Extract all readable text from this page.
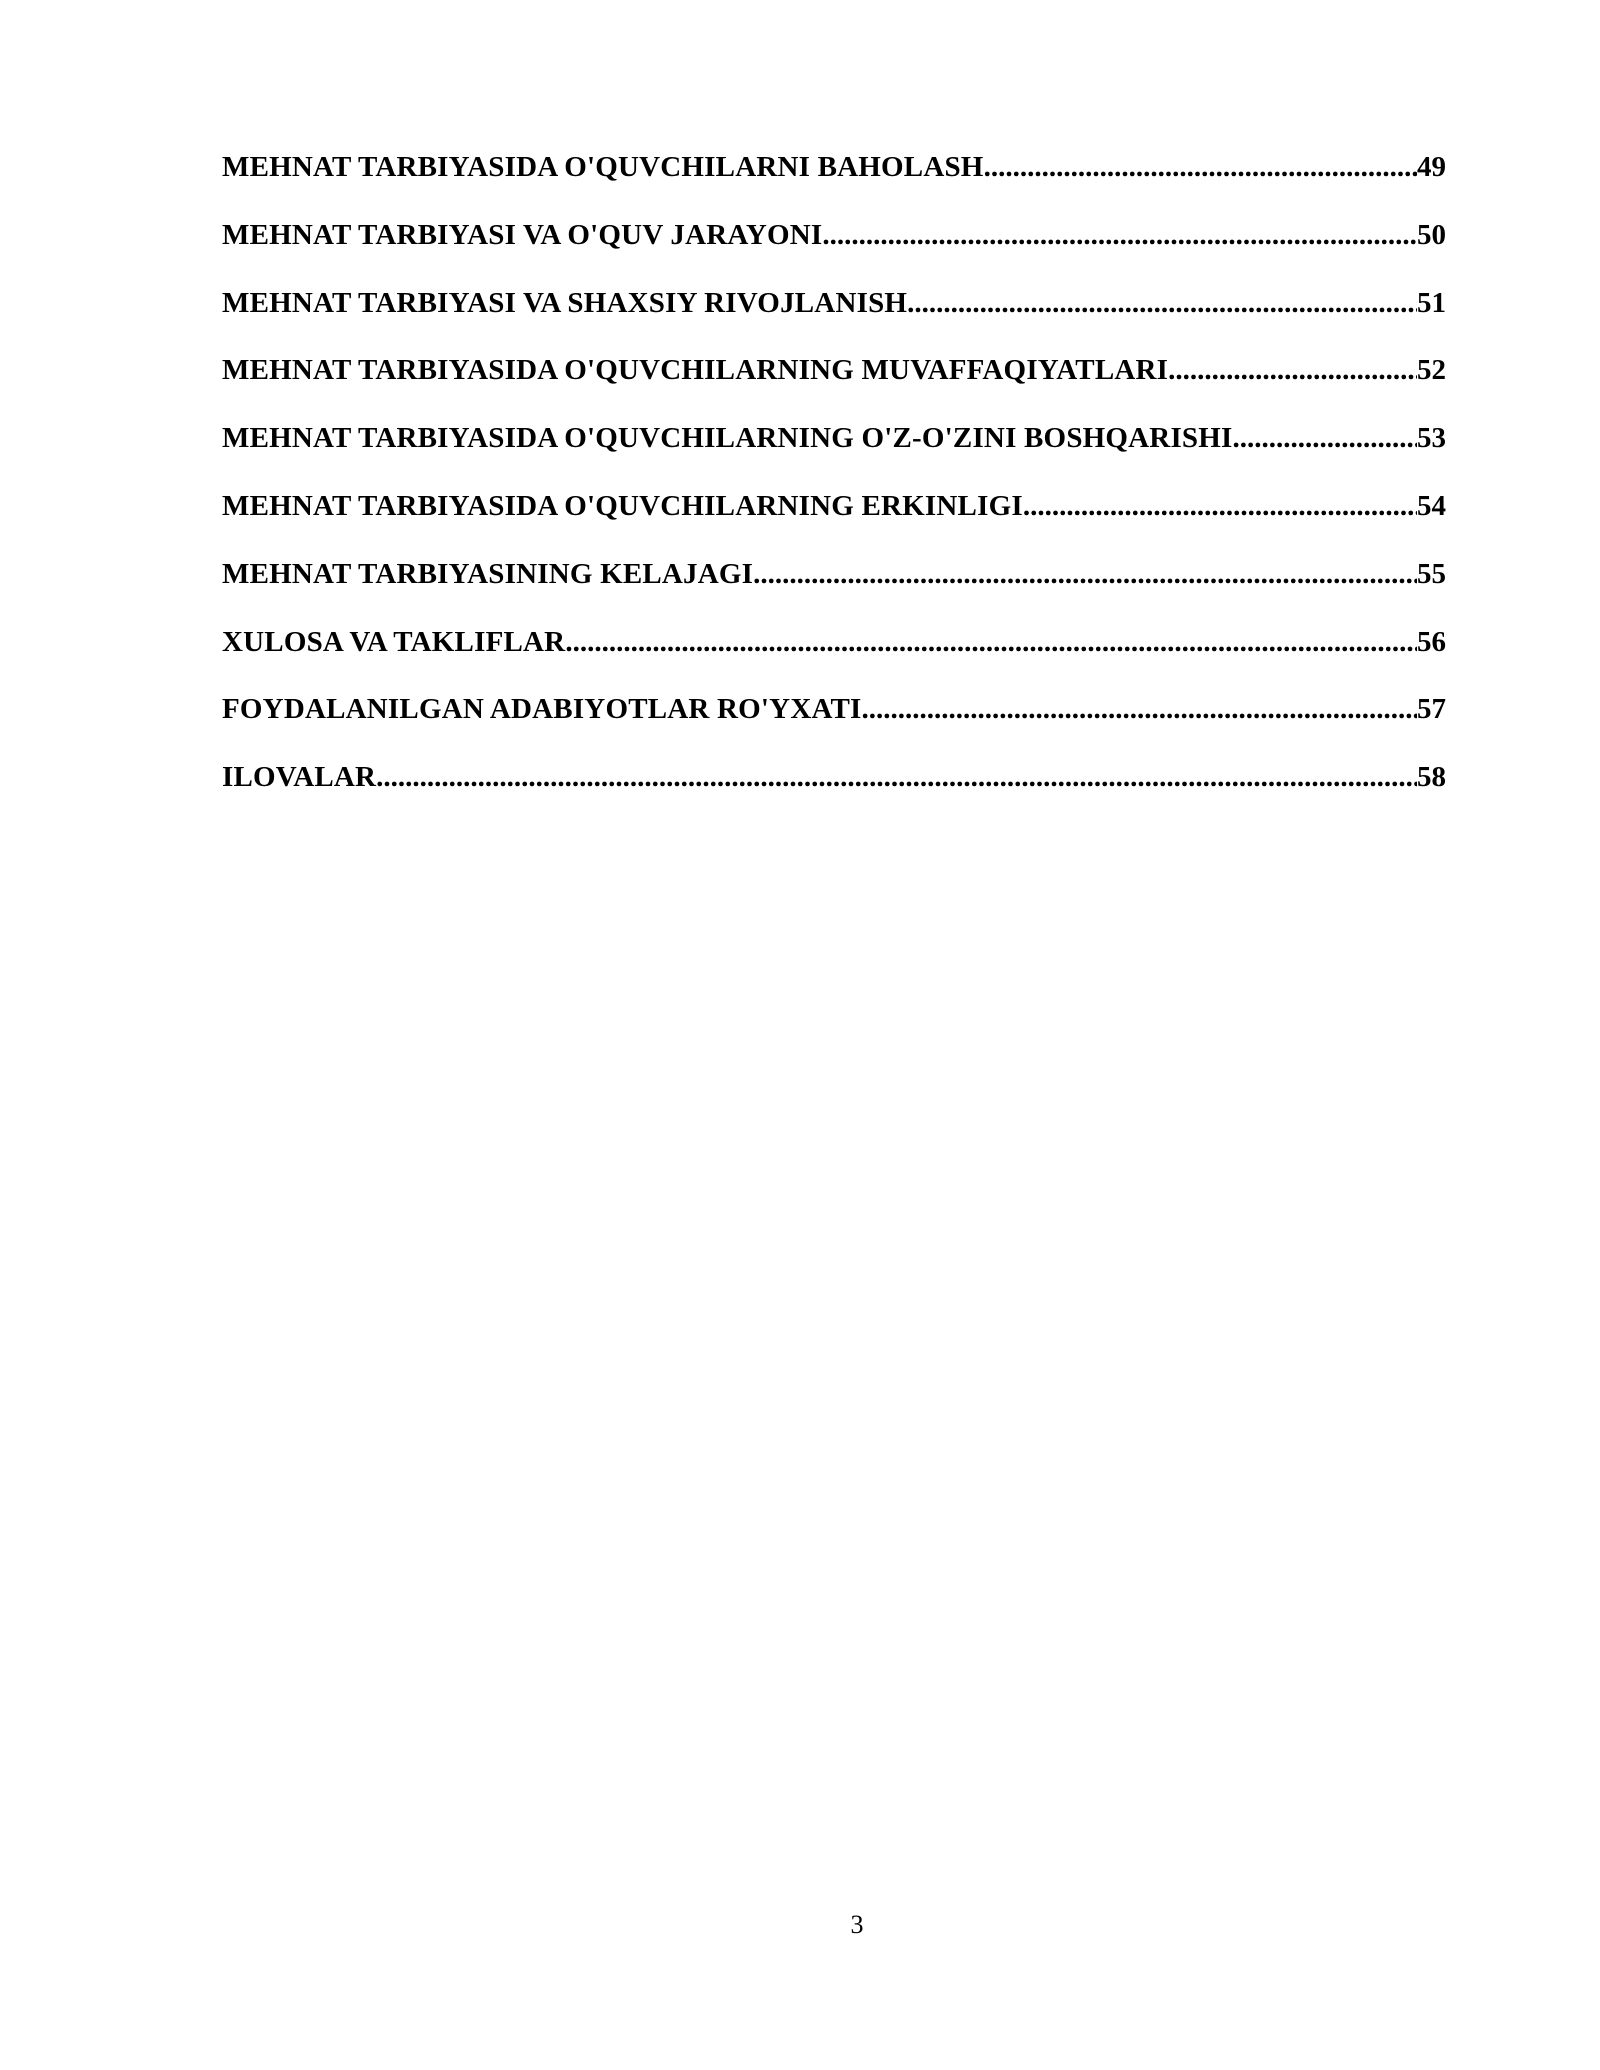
MEHNAT TARBIYASIDA O'QUVCHILARNI BAHOLASH .....	49
MEHNAT TARBIYASI VA O'QUV JARAYONI .....	50
MEHNAT TARBIYASI VA SHAXSIY RIVOJLANISH .....	51
MEHNAT TARBIYASIDA O'QUVCHILARNING MUVAFFAQIYATLARI .....	52
MEHNAT TARBIYASIDA O'QUVCHILARNING O'Z-O'ZINI BOSHQARISHI .....	53
MEHNAT TARBIYASIDA O'QUVCHILARNING ERKINLIGI .....	54
MEHNAT TARBIYASINING KELAJAGI .....	55
XULOSA VA TAKLIFLAR .....	56
FOYDALANILGAN ADABIYOTLAR RO'YXATI .....	57
ILOVALAR .....	58
3
